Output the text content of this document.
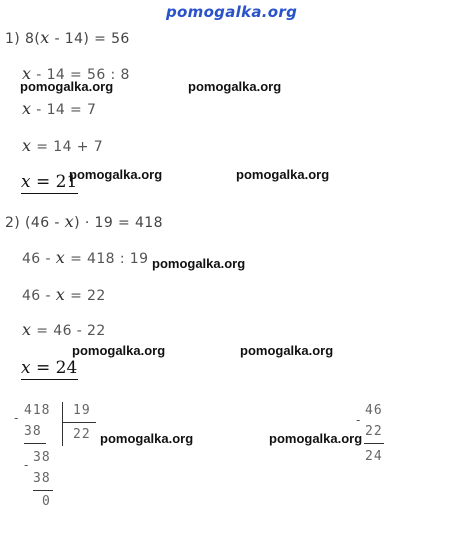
pomogalka.org
1) 8(x - 14) = 56
x - 14 = 56 : 8
pomogalka.org	pomogalka.org
x - 14 = 7
x = 14 + 7
x = 21
pomogalka.org	pomogalka.org
2) (46 - x) · 19 = 418
46 - x = 418 : 19 pomogalka.org
46 - x = 22
x = 46 - 22
x = 24
pomogalka.org	pomogalka.org
- 418
38
- 38
38
0
19
22 pomogalka.org	pomogalka.org
-
46
22
24
